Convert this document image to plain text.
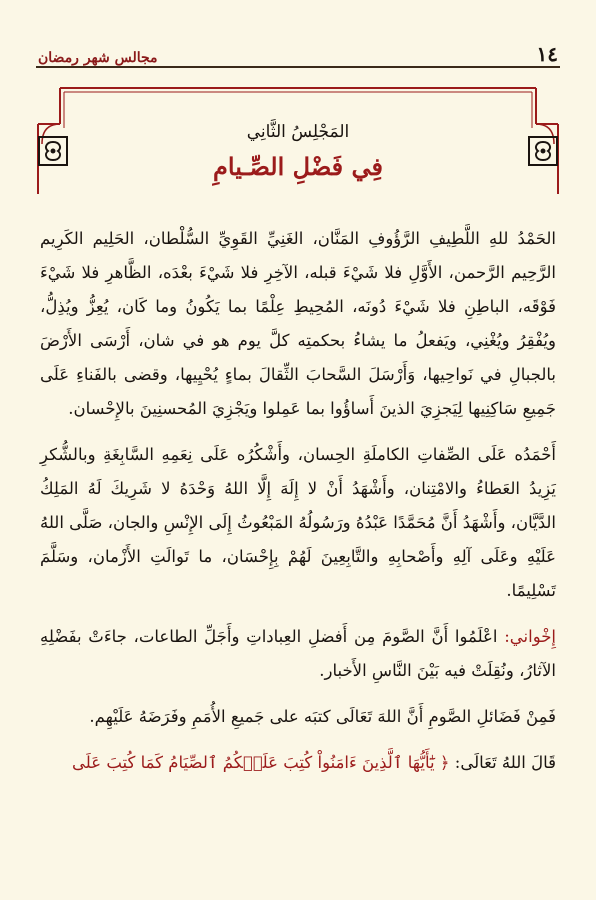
١٤
مجالس شهر رمضان
المَجْلِسُ الثَّانِي
فِي فَضْلِ الصِّـيامِ

الحَمْدُ للهِ اللَّطِيفِ الرَّؤُوفِ المَنَّان، الغَنِيِّ القَوِيِّ السُّلْطان، الحَلِيم الكَرِيم الرَّحِيم الرَّحمن، الأَوَّلِ فلا شَيْءَ قبله، الآخِرِ فلا شَيْءَ بعْدَه، الظَّاهرِ فلا شَيْءَ فَوْقَه، الباطِنِ فلا شَيْءَ دُونَه، المُحِيطِ عِلْمًا بما يَكُونُ وما كَان، يُعِزُّ ويُذِلُّ، ويُفْقِرُ ويُغْنِي، ويَفعلُ ما يشاءُ بحكمتِه كلَّ يوم هو في شان، أَرْسَى الأَرْضَ بالجبالِ في نَواحِيها، وَأَرْسَلَ السَّحابَ الثِّقالَ بماءٍ يُحْيِيها، وقضى بالفَناءِ عَلَى جَمِيعِ سَاكِنِيها لِيَجزِيَ الذينَ أَساؤُوا بما عَمِلوا ويَجْزِيَ المُحسنِينَ بالإِحْسان.

أَحْمَدُه عَلَى الصِّفاتِ الكاملَةِ الحِسان، وأَشْكُرُه عَلَى نِعَمِهِ السَّابِغَةِ وبالشُّكرِ يَزِيدُ العَطاءُ والامْتِنان، وأَشْهَدُ أَنْ لا إِلَهَ إِلَّا اللهُ وَحْدَهُ لا شَرِيكَ لَهُ المَلِكُ الدَّيَّان، وأَشْهَدُ أَنَّ مُحَمَّدًا عَبْدُهُ ورَسُولُهُ المَبْعُوثُ إِلَى الإِنْسِ والجان، صَلَّى اللهُ عَلَيْهِ وعَلَى آلِهِ وأَصْحابِهِ والتَّابِعِينَ لَهُمْ بِإِحْسَان، ما تَوالَتِ الأَزْمان، وسَلَّمَ تَسْلِيمًا.

إِخْواني: اعْلَمُوا أَنَّ الصَّومَ مِن أَفضلِ العِباداتِ وأَجَلِّ الطاعات، جاءَتْ بفَضْلِهِ الآثارُ، ونُقِلَتْ فيه بَيْنَ النَّاسِ الأَخبار.

فَمِنْ فَضَائلِ الصَّومِ أَنَّ اللهَ تَعَالَى كتبَه على جَميعِ الأُمَمِ وفَرَضَهُ عَلَيْهِم.

قَالَ اللهُ تَعَالَى: ﴿ يَٰٓأَيُّهَا ٱلَّذِينَ ءَامَنُواْ كُتِبَ عَلَيۡكُمُ ٱلصِّيَامُ كَمَا كُتِبَ عَلَى
